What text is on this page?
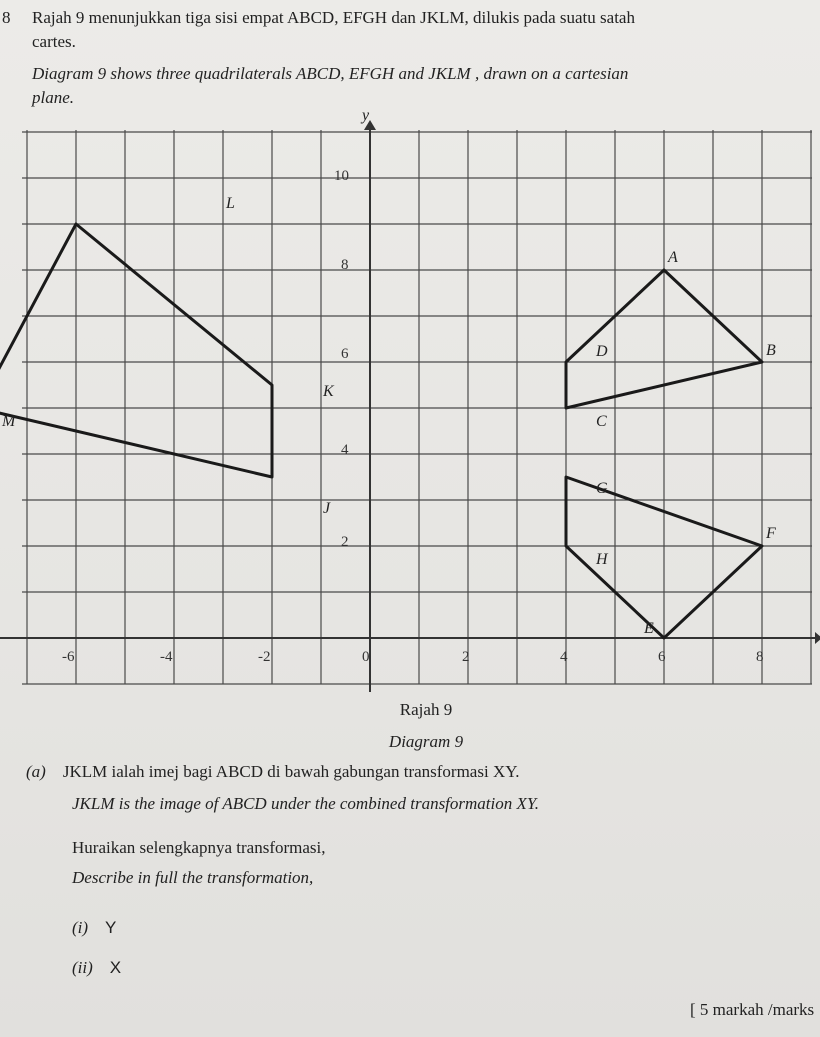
8 Rajah 9 menunjukkan tiga sisi empat ABCD, EFGH dan JKLM, dilukis pada suatu satah
cartes.
Diagram 9 shows three quadrilaterals ABCD, EFGH and JKLM , drawn on a cartesian
plane.
y
-6	-4	-2	0	2	4	6	8
10
8
6
4
2
A
B
C
D
E
F
G
H
J
K
L
M
Rajah 9
Diagram 9
(a) JKLM ialah imej bagi ABCD di bawah gabungan transformasi XY.
JKLM is the image of ABCD under the combined transformation XY.
Huraikan selengkapnya transformasi,
Describe in full the transformation,
(i) Y
(ii) X
[ 5 markah /marks
